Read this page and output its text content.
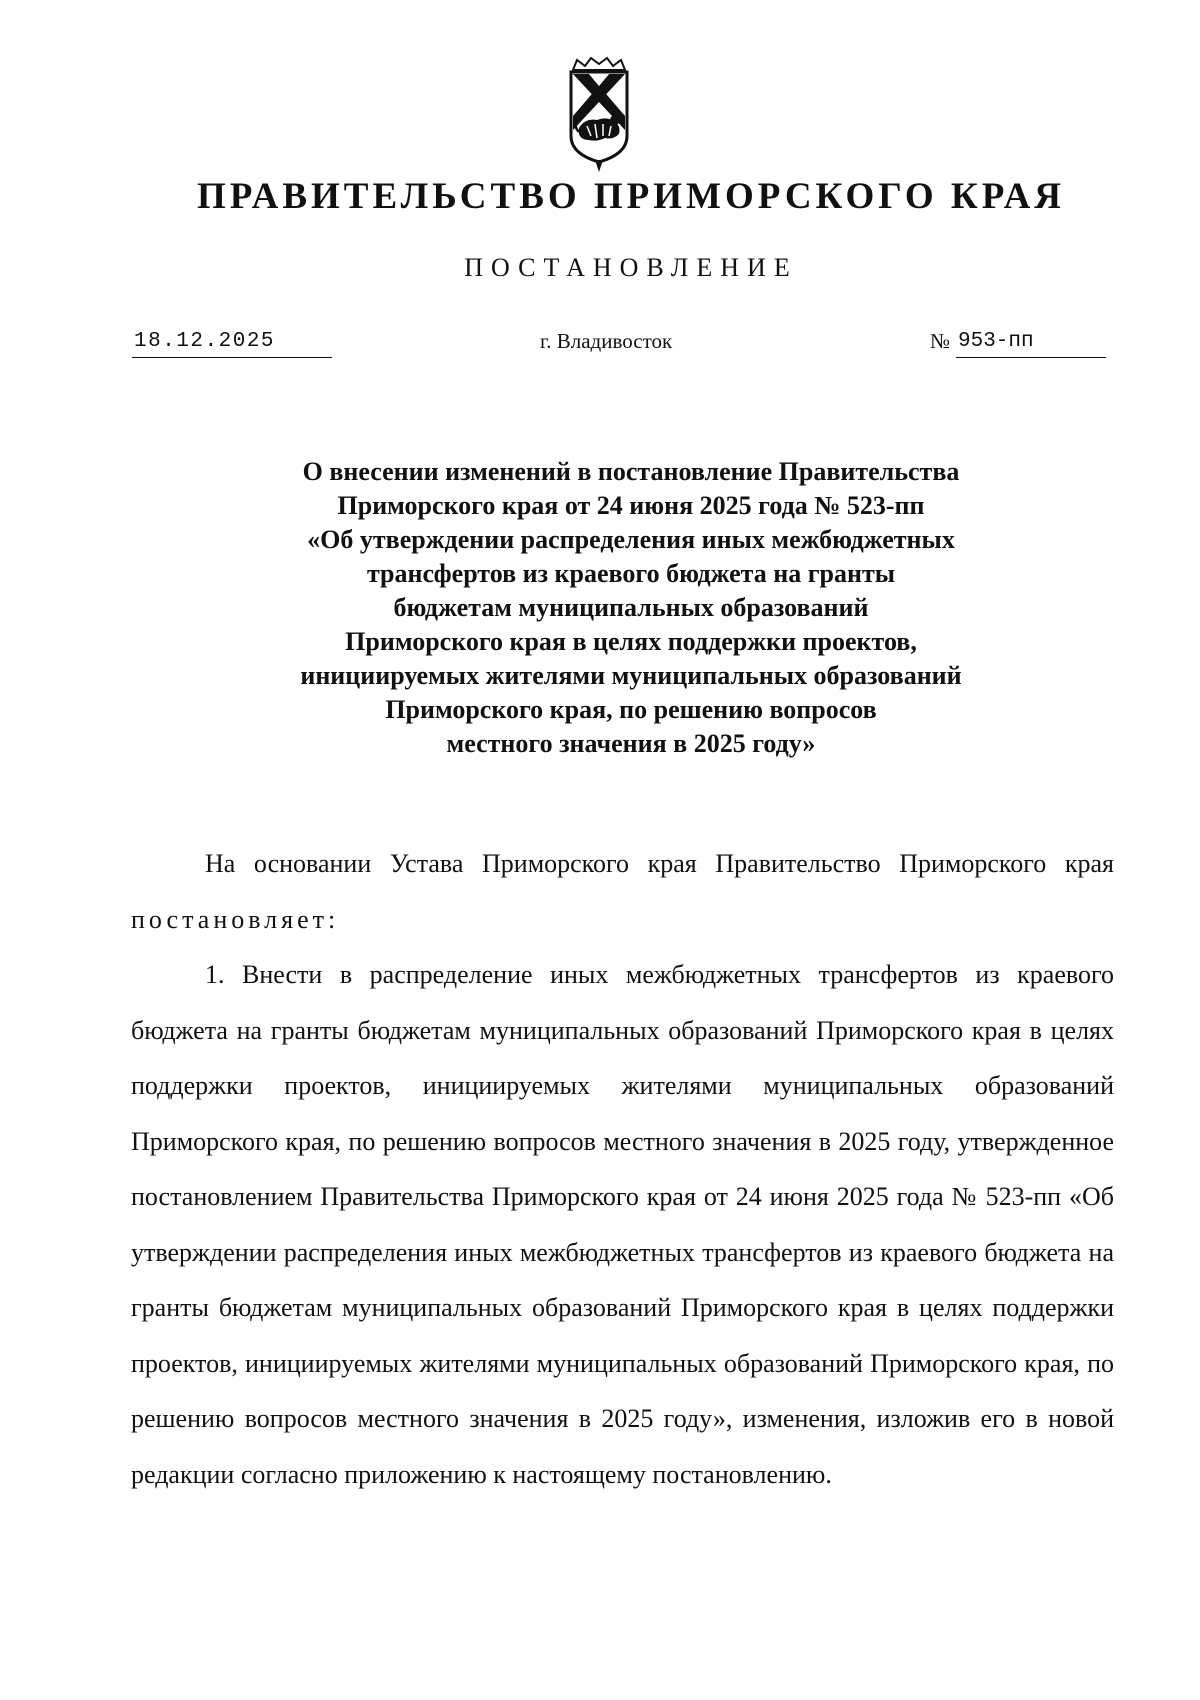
ПРАВИТЕЛЬСТВО ПРИМОРСКОГО КРАЯ
ПОСТАНОВЛЕНИЕ
18.12.2025	г. Владивосток	№ 953-пп
О внесении изменений в постановление Правительства
Приморского края от 24 июня 2025 года № 523-пп
«Об утверждении распределения иных межбюджетных
трансфертов из краевого бюджета на гранты
бюджетам муниципальных образований
Приморского края в целях поддержки проектов,
инициируемых жителями муниципальных образований
Приморского края, по решению вопросов
местного значения в 2025 году»
На основании Устава Приморского края Правительство Приморского края постановляет:
1. Внести в распределение иных межбюджетных трансфертов из краевого бюджета на гранты бюджетам муниципальных образований Приморского края в целях поддержки проектов, инициируемых жителями муниципальных образований Приморского края, по решению вопросов местного значения в 2025 году, утвержденное постановлением Правительства Приморского края от 24 июня 2025 года № 523-пп «Об утверждении распределения иных межбюджетных трансфертов из краевого бюджета на гранты бюджетам муниципальных образований Приморского края в целях поддержки проектов, инициируемых жителями муниципальных образований Приморского края, по решению вопросов местного значения в 2025 году», изменения, изложив его в новой редакции согласно приложению к настоящему постановлению.
